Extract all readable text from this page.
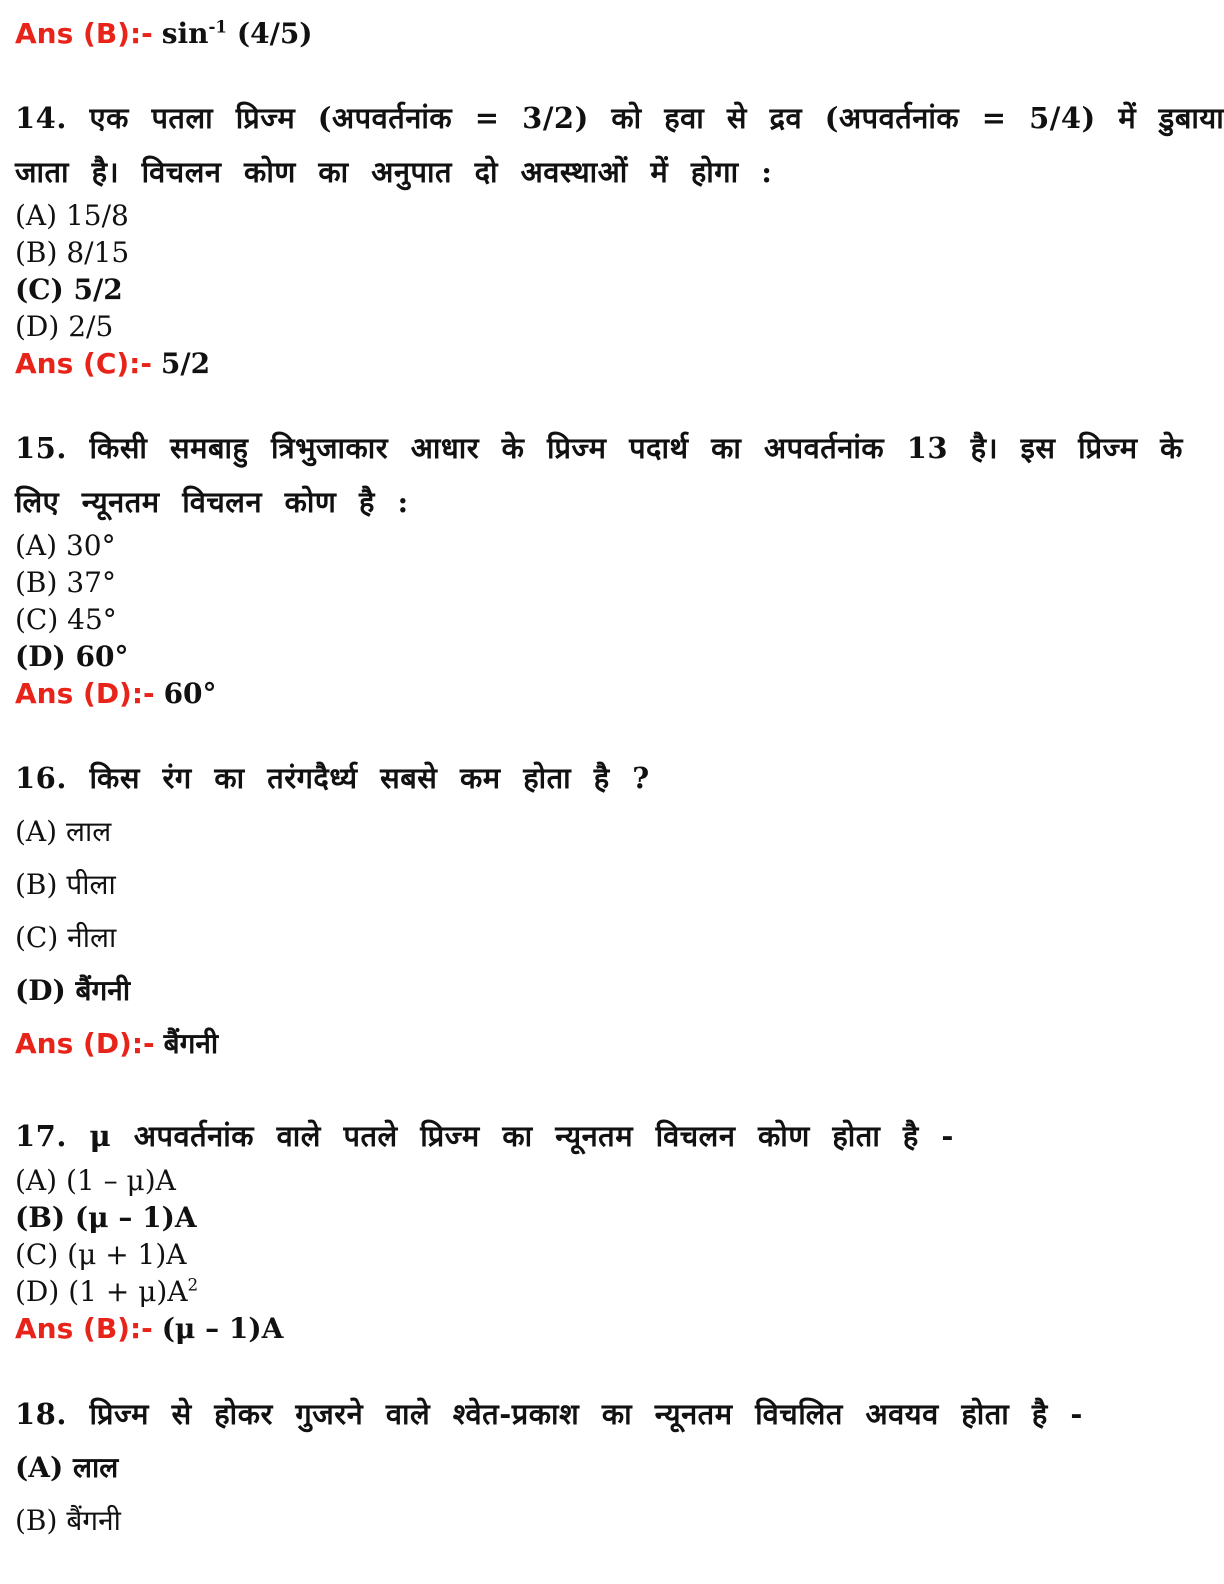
Ans (B):- $\sin^{-1} (4/5)$
14. एक पतला प्रिज्म (अपवर्तनांक = 3/2) को हवा से द्रव (अपवर्तनांक = 5/4) में डुबाया
जाता है। विचलन कोण का अनुपात दो अवस्थाओं में होगा :
(A) 15/8
(B) 8/15
(C) 5/2
(D) 2/5
Ans (C):- 5/2
15. किसी समबाहु त्रिभुजाकार आधार के प्रिज्म पदार्थ का अपवर्तनांक 13 है। इस प्रिज्म के
लिए न्यूनतम विचलन कोण है :
(A) 30°
(B) 37°
(C) 45°
(D) 60°
Ans (D):- 60°
16. किस रंग का तरंगदैर्ध्य सबसे कम होता है ?
(A) लाल
(B) पीला
(C) नीला
(D) बैंगनी
Ans (D):- बैंगनी
17. μ अपवर्तनांक वाले पतले प्रिज्म का न्यूनतम विचलन कोण होता है -
(A) (1 – μ)A
(B) (μ – 1)A
(C) (μ + 1)A
(D) $(1 + \mu)A^2$
Ans (B):- (μ – 1)A
18. प्रिज्म से होकर गुजरने वाले श्वेत-प्रकाश का न्यूनतम विचलित अवयव होता है -
(A) लाल
(B) बैंगनी
